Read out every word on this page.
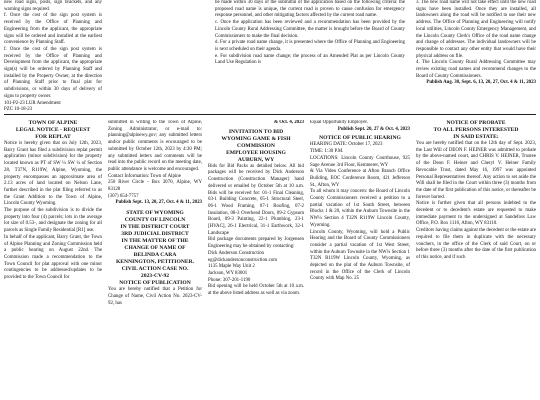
new road signs, posts, sign brackets, and any warning signs required.

f. Once the cost of the sign post system is received by the Office of Planning and Engineering from the applicant, the appropriate signs will be ordered and installed at the earliest convenience by Planning Staff.

f. Once the cost of the sign post system is received by the Office of Planning and Development from the applicant, the appropriate sign(s) will be ordered by Planning Staff and installed by the Property Owner, at the direction of Planning Staff prior to final plat for subdivisions, or within 30 days of delivery of signs to property owner.

101-P2-23 LUR Amendment

PZC 10-18-23

be made within 30 days of the submittal of the application based on the following criteria: the proposed road name is unique, the current road is proven to cause confusion for emergency response personnel, and other mitigating factors affected by the current road name.

c. Once the application has been reviewed and a recommendation has been provided by the Lincoln County Rural Addressing Committee, the matter is brought before the Board of County Commissioners to make the final decision.

d. For a private road name change, it is presented where the Office of Planning and Engineering is next scheduled on their agenda.

e. For subdivision road name change; the process of an Amended Plat as per Lincoln County Land Use Regulation is

3. The new road name will not take effect until the new road signs have been installed. Once they are installed, all landowners along the road will be notified to use their new address. The Office of Planning and Engineering will notify local utilities, Lincoln County Emergency Management, and the Lincoln County Clerk's Office of the road name change and change of addresses. The individual landowners will be responsible to contact any other entity that would have their physical address on file.

4. The Lincoln County Rural Addressing Committee may review existing road names and recommend changes to the Board of County Commissioners.

Publish Aug. 30, Sept. 6, 13, 20, 27, Oct. 4 & 11, 2023

TOWN OF ALPINE

LEGAL NOTICE - REQUEST

FOR REPLAT

Notice is hereby given that on July 12th, 2023, Barry Grant has filed a subdivision replat permit application (minor subdivision) for the property located known as PT of SW ¼ SW ¼ of Section 28, T37N, R119W, Alpine, Wyoming, the property encompasses an approximate area of 2.13 acres of land located on Nelson Lane, further described in the plat filing referred to as the Grant Addition to the Town of Alpine, Lincoln County Wyoming.

The purpose of the subdivision is to divide the property into four (4) parcels; lots in the average lot size of 0.53-, and designate the zoning for all parcels as Single Family Residential [R1] use.

In behalf of the applicant, Barry Grant, the Town of Alpine Planning and Zoning Commission held a public hearing on August 22nd. The Commission made a recommendation to the Town Council for plat approval with one minor contingencies to be addressed/updates to be provided to the Town Council for

submitted in writing to the Town of Alpine, Zoning Administrator, or e-mail to: planning@alpinewy.gov; any submitted letters and/or public comments is encouraged to be submitted by October 12th, 2023 by 4:30 PM; any submitted letters and comments will be read into the public record on the meeting date, public attendance is welcome and encouraged.

Contact Information: Town of Alpine

250 River Circle - Box 3070, Alpine, WY 83128

(307) 654-7757

Publish Sept. 13, 20, 27, Oct. 4 & 11, 2023

STATE OF WYOMING

COUNTY OF LINCOLN

IN THE DISTRICT COURT

3RD JUDICIAL DISTRICT

IN THE MATTER OF THE

CHANGE OF NAME OF

BELINDA CARA

KENNINGTON, PETITIONER.

CIVIL ACTION CASE NO.

2023-CV-92

NOTICE OF PUBLICATION

You are hereby notified that a Petition for Change of Name, Civil Action No. 2023-CV-92, has

& Oct. 4, 2023

INVITATION TO BID

WYOMING GAME & FISH

COMMISSION

EMPLOYEE HOUSING

AUBURN, WY

Bids for Bid Packs as detailed below. All bid packages will be received by Dick Anderson Construction (Construction Manager) hand delivered or emailed by October 5th at 10 a.m. Bids will be received for: 01-1 Final Cleaning, 03-1 Building Concrete, 05-1 Structural Steel, 06-1 Wood Framing, 07-1 Roofing, 07-2 Insulation, 08-3 Overhead Doors, 09-2 Gypsum Board, 09-3 Painting, 22-1 Plumbing, 23-1 [HVAC], 26-1 Electrical, 31-1 Earthwork, 32-1 Landscape

Bid package documents prepared by Jorgensen Engineering may be obtained by contacting:

Dick Anderson Construction

eg@dickandersonconstruction.com

1135 Maple Way Unit 2

Jackson, WY 83001

Phone: 307-201-1190

Bid opening will be held October 5th at 10 a.m. at the above listed address as well as via zoom.

Equal Opportunity Employer.

Publish Sept. 20, 27 & Oct. 4, 2023

NOTICE OF PUBLIC HEARING

HEARING DATE: October 17, 2023

TIME: 1:30 P.M.

LOCATIONS: Lincoln County Courthouse, 925 Sage Avenue 3rd Floor, Kemmerer, WY

& Via Video Conference at Afton Branch Office Building, EOC Conference Room, 421 Jefferson St., Afton, WY

To all whom it may concern: the Board of Lincoln County Commissioners received a petition to a partial vacation of 1st South Street, between Blocks 1 & 20, within the Auburn Townsite in the NW¼ Section 4 T32N R119W Lincoln County, Wyoming.

Lincoln County, Wyoming, will hold a Public Hearing and the Board of County Commissioners consider a partial vacation of 1st West Street, within the Auburn Townsite in the NW¼ Section 1 T32N R119W Lincoln County, Wyoming, as depicted on the plat of the Auburn Townsite, of record in the Office of the Clerk of Lincoln County with Map No. 25

NOTICE OF PROBATE

TO ALL PERSONS INTERESTED

IN SAID ESTATE:

You are hereby notified that on the 12th day of Sept. 2023, the Last Will of DEON F. HEINER was admitted to probate by the above-named court, and CHRIS V. HEINER, Trustee of the Deon F. Heiner and Cheryl V. Heiner Family Revocable Trust, dated May 16, 1997 was appointed Personal Representatives thereof. Any action to set aside the Will shall be filed in the Court within three (3) months from the date of the first publication of this notice, or thereafter be forever barred.

Notice is further given that all persons indebted to the decedent or to decedent's estate are requested to make immediate payment to the undersigned at Sandefoss Law Office, P.O. Box 1116, Afton, WY 83110.

Creditors having claims against the decedent or the estate are required to file them in duplicate with the necessary vouchers, in the office of the Clerk of said Court, on or before three (3) months after the date of the first publication of this notice, and if such
